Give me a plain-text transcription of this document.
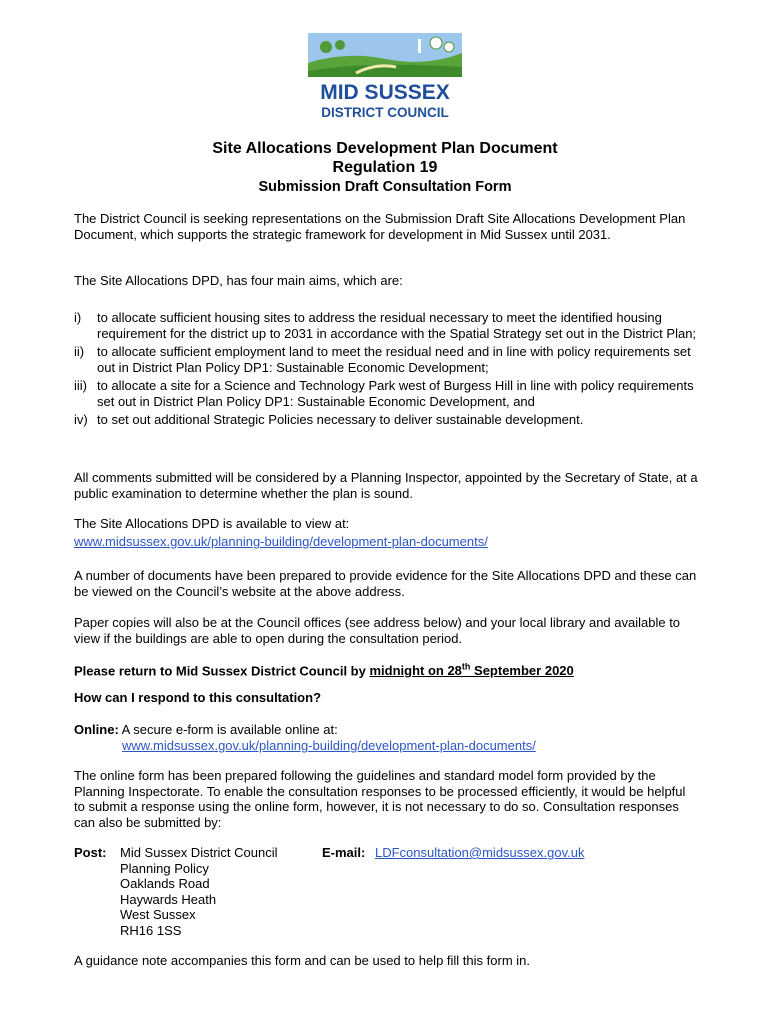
MID SUSSEX
DISTRICT COUNCIL
Site Allocations Development Plan Document
Regulation 19
Submission Draft Consultation Form
The District Council is seeking representations on the Submission Draft Site Allocations Development Plan Document, which supports the strategic framework for development in Mid Sussex until 2031.
The Site Allocations DPD, has four main aims, which are:
i)	to allocate sufficient housing sites to address the residual necessary to meet the identified housing requirement for the district up to 2031 in accordance with the Spatial Strategy set out in the District Plan;
ii) to allocate sufficient employment land to meet the residual need and in line with policy requirements set out in District Plan Policy DP1: Sustainable Economic Development;
iii) to allocate a site for a Science and Technology Park west of Burgess Hill in line with policy requirements set out in District Plan Policy DP1: Sustainable Economic Development, and
iv) to set out additional Strategic Policies necessary to deliver sustainable development.
All comments submitted will be considered by a Planning Inspector, appointed by the Secretary of State, at a public examination to determine whether the plan is sound.
The Site Allocations DPD is available to view at:
www.midsussex.gov.uk/planning-building/development-plan-documents/
A number of documents have been prepared to provide evidence for the Site Allocations DPD and these can be viewed on the Council’s website at the above address.
Paper copies will also be at the Council offices (see address below) and your local library and available to view if the buildings are able to open during the consultation period.
Please return to Mid Sussex District Council by midnight on 28th September 2020
How can I respond to this consultation?
Online: A secure e-form is available online at:
www.midsussex.gov.uk/planning-building/development-plan-documents/
The online form has been prepared following the guidelines and standard model form provided by the Planning Inspectorate. To enable the consultation responses to be processed efficiently, it would be helpful to submit a response using the online form, however, it is not necessary to do so. Consultation responses can also be submitted by:
Post: Mid Sussex District Council
Planning Policy
Oaklands Road
Haywards Heath
West Sussex
RH16 1SS
E-mail: LDFconsultation@midsussex.gov.uk
A guidance note accompanies this form and can be used to help fill this form in.
